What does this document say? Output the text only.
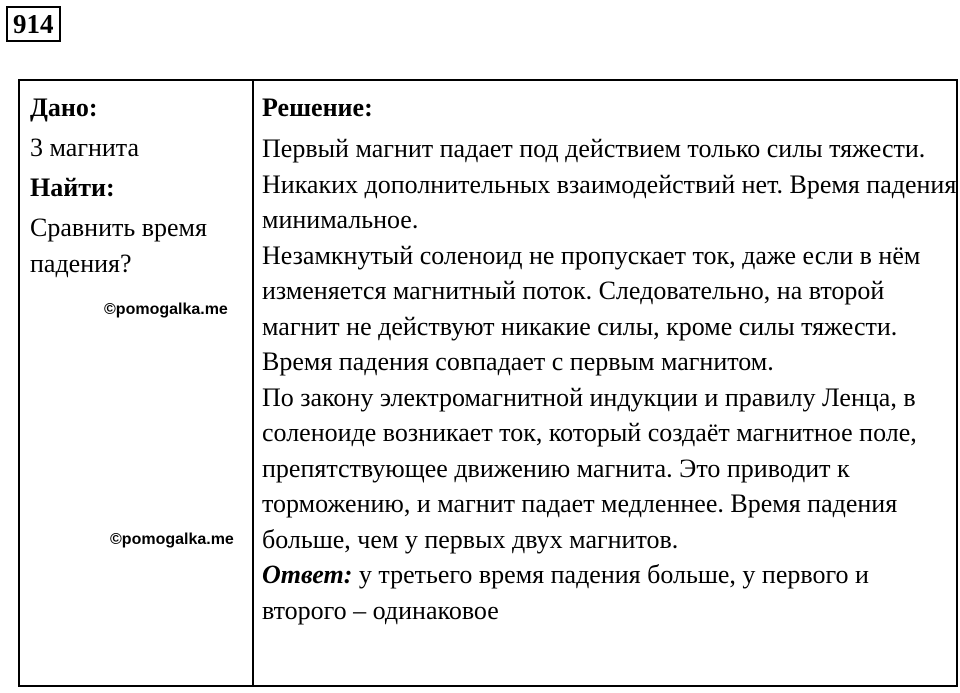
914
Дано:
3 магнита
Найти:
Сравнить время падения?
Решение:

Первый магнит падает под действием только силы тяжести. Никаких дополнительных взаимодействий нет. Время падения минимальное.

Незамкнутый соленоид не пропускает ток, даже если в нём изменяется магнитный поток. Следовательно, на второй магнит не действуют никакие силы, кроме силы тяжести. Время падения совпадает с первым магнитом.

По закону электромагнитной индукции и правилу Ленца, в соленоиде возникает ток, который создаёт магнитное поле, препятствующее движению магнита. Это приводит к торможению, и магнит падает медленнее. Время падения больше, чем у первых двух магнитов.

Ответ: у третьего время падения больше, у первого и второго – одинаковое

©pomogalka.me
©pomogalka.me
